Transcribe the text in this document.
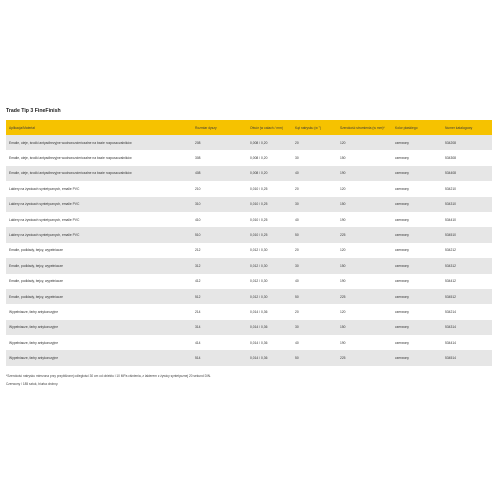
Trade Tip 3 FineFinish
Aplikacja/Materiał	Rozmiar dyszy	Otwór (w calach / mm)	Kąt natrysku (w °)	Szerokość strumienia (w mm)*	Kolor płaskiego	Numer katalogowy
Emalie, oleje, środki antyadhezyjne wodnorozcieńczalne na bazie rozpuszczalników	208	0,008 / 0,20	20	120	czerwony	534208
Emalie, oleje, środki antyadhezyjne wodnorozcieńczalne na bazie rozpuszczalników	308	0,008 / 0,20	30	150	czerwony	534308
Emalie, oleje, środki antyadhezyjne wodnorozcieńczalne na bazie rozpuszczalników	408	0,008 / 0,20	40	190	czerwony	534408
Lakiery na żywicach syntetycznych, emalie PVC	210	0,010 / 0,25	20	120	czerwony	534210
Lakiery na żywicach syntetycznych, emalie PVC	310	0,010 / 0,25	30	150	czerwony	534310
Lakiery na żywicach syntetycznych, emalie PVC	410	0,010 / 0,25	40	190	czerwony	534410
Lakiery na żywicach syntetycznych, emalie PVC	510	0,010 / 0,25	50	225	czerwony	534510
Emalie, podkłady, bejcy, wypełniacze	212	0,012 / 0,30	20	120	czerwony	534212
Emalie, podkłady, bejcy, wypełniacze	312	0,012 / 0,30	30	150	czerwony	534312
Emalie, podkłady, bejcy, wypełniacze	412	0,012 / 0,30	40	190	czerwony	534412
Emalie, podkłady, bejcy, wypełniacze	512	0,012 / 0,30	50	225	czerwony	534512
Wypełniacze, farby antykorozyjne	214	0,014 / 0,36	20	120	czerwony	534214
Wypełniacze, farby antykorozyjne	314	0,014 / 0,36	30	150	czerwony	534314
Wypełniacze, farby antykorozyjne	414	0,014 / 0,36	40	190	czerwony	534414
Wypełniacze, farby antykorozyjne	514	0,014 / 0,36	50	225	czerwony	534514

*Szerokość natrysku mierzona przy przybliżonej odległości 30 cm od obiektu i 10 MPa ciśnienia, z lakierem z żywicy syntetycznej 20 sekund DIN.

Czerwony / 185 sztuk, biurka drobny.
